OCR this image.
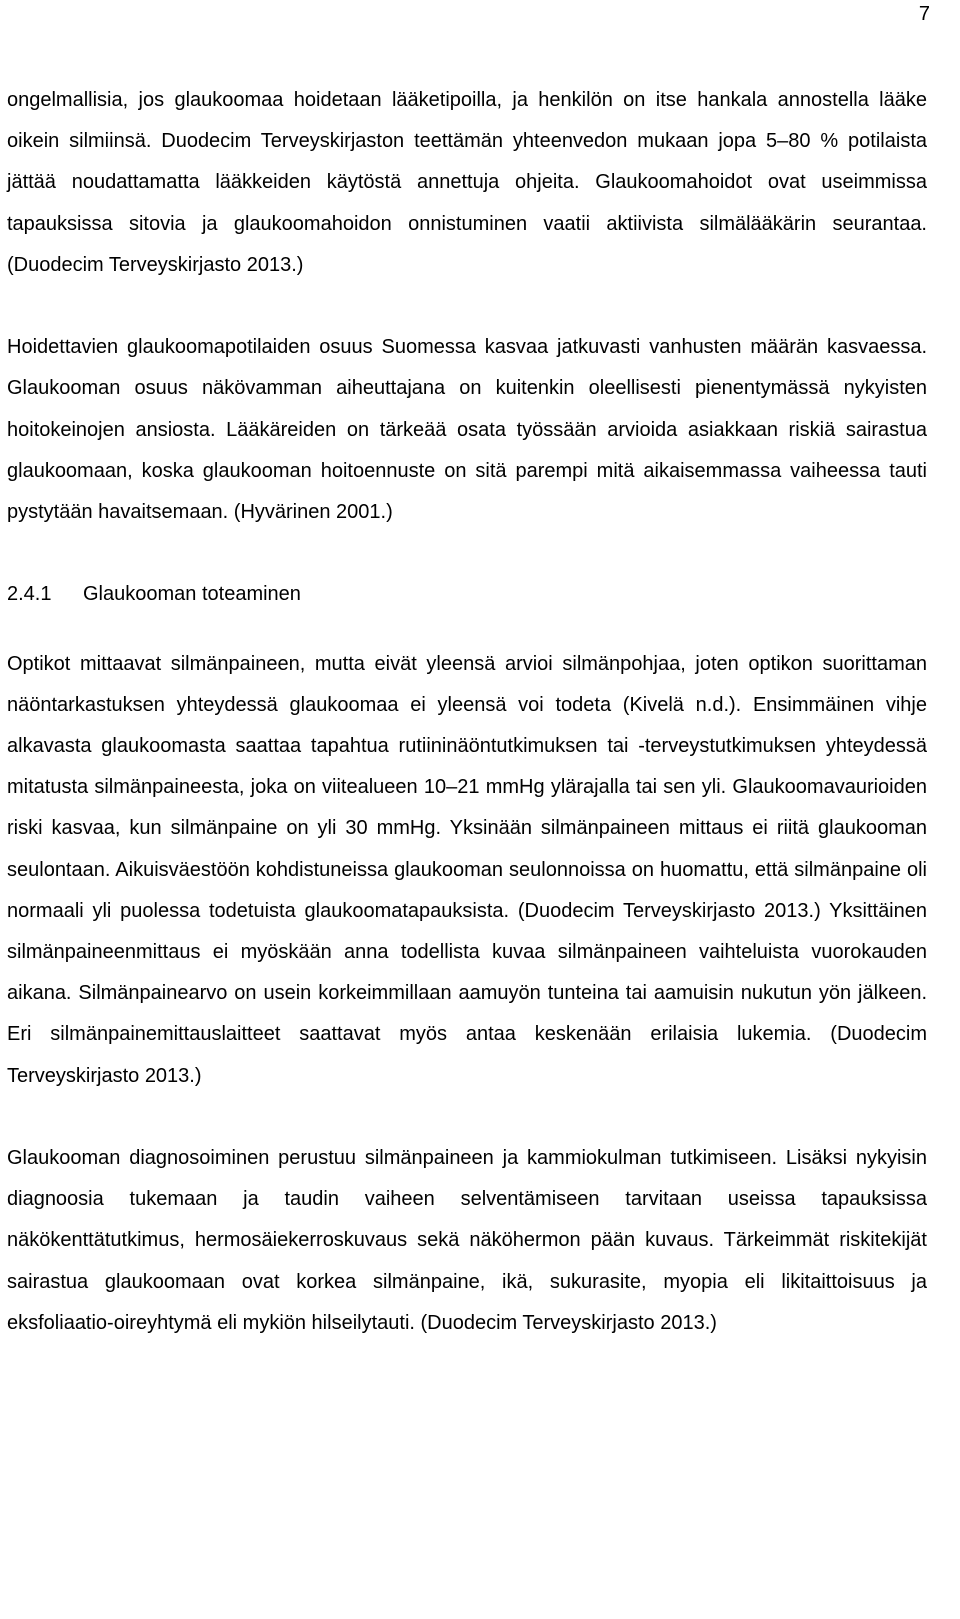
7

ongelmallisia, jos glaukoomaa hoidetaan lääketipoilla, ja henkilön on itse hankala annostella lääke oikein silmiinsä. Duodecim Terveyskirjaston teettämän yhteenvedon mukaan jopa 5–80 % potilaista jättää noudattamatta lääkkeiden käytöstä annettuja ohjeita. Glaukoomahoidot ovat useimmissa tapauksissa sitovia ja glaukoomahoidon onnistuminen vaatii aktiivista silmälääkärin seurantaa. (Duodecim Terveyskirjasto 2013.)

Hoidettavien glaukoomapotilaiden osuus Suomessa kasvaa jatkuvasti vanhusten määrän kasvaessa. Glaukooman osuus näkövamman aiheuttajana on kuitenkin oleellisesti pienentymässä nykyisten hoitokeinojen ansiosta. Lääkäreiden on tärkeää osata työssään arvioida asiakkaan riskiä sairastua glaukoomaan, koska glaukooman hoitoennuste on sitä parempi mitä aikaisemmassa vaiheessa tauti pystytään havaitsemaan. (Hyvärinen 2001.)

2.4.1 Glaukooman toteaminen

Optikot mittaavat silmänpaineen, mutta eivät yleensä arvioi silmänpohjaa, joten optikon suorittaman näöntarkastuksen yhteydessä glaukoomaa ei yleensä voi todeta (Kivelä n.d.). Ensimmäinen vihje alkavasta glaukoomasta saattaa tapahtua rutiininäöntutkimuksen tai -terveystutkimuksen yhteydessä mitatusta silmänpaineesta, joka on viitealueen 10–21 mmHg ylärajalla tai sen yli. Glaukoomavaurioiden riski kasvaa, kun silmänpaine on yli 30 mmHg. Yksinään silmänpaineen mittaus ei riitä glaukooman seulontaan. Aikuisväestöön kohdistuneissa glaukooman seulonnoissa on huomattu, että silmänpaine oli normaali yli puolessa todetuista glaukoomatapauksista. (Duodecim Terveyskirjasto 2013.) Yksittäinen silmänpaineenmittaus ei myöskään anna todellista kuvaa silmänpaineen vaihteluista vuorokauden aikana. Silmänpainearvo on usein korkeimmillaan aamuyön tunteina tai aamuisin nukutun yön jälkeen. Eri silmänpainemittauslaitteet saattavat myös antaa keskenään erilaisia lukemia. (Duodecim Terveyskirjasto 2013.)

Glaukooman diagnosoiminen perustuu silmänpaineen ja kammiokulman tutkimiseen. Lisäksi nykyisin diagnoosia tukemaan ja taudin vaiheen selventämiseen tarvitaan useissa tapauksissa näkökenttätutkimus, hermosäiekerroskuvaus sekä näköhermon pään kuvaus. Tärkeimmät riskitekijät sairastua glaukoomaan ovat korkea silmänpaine, ikä, sukurasite, myopia eli likitaittoisuus ja eksfoliaatio-oireyhtymä eli mykiön hilseilytauti. (Duodecim Terveyskirjasto 2013.)
